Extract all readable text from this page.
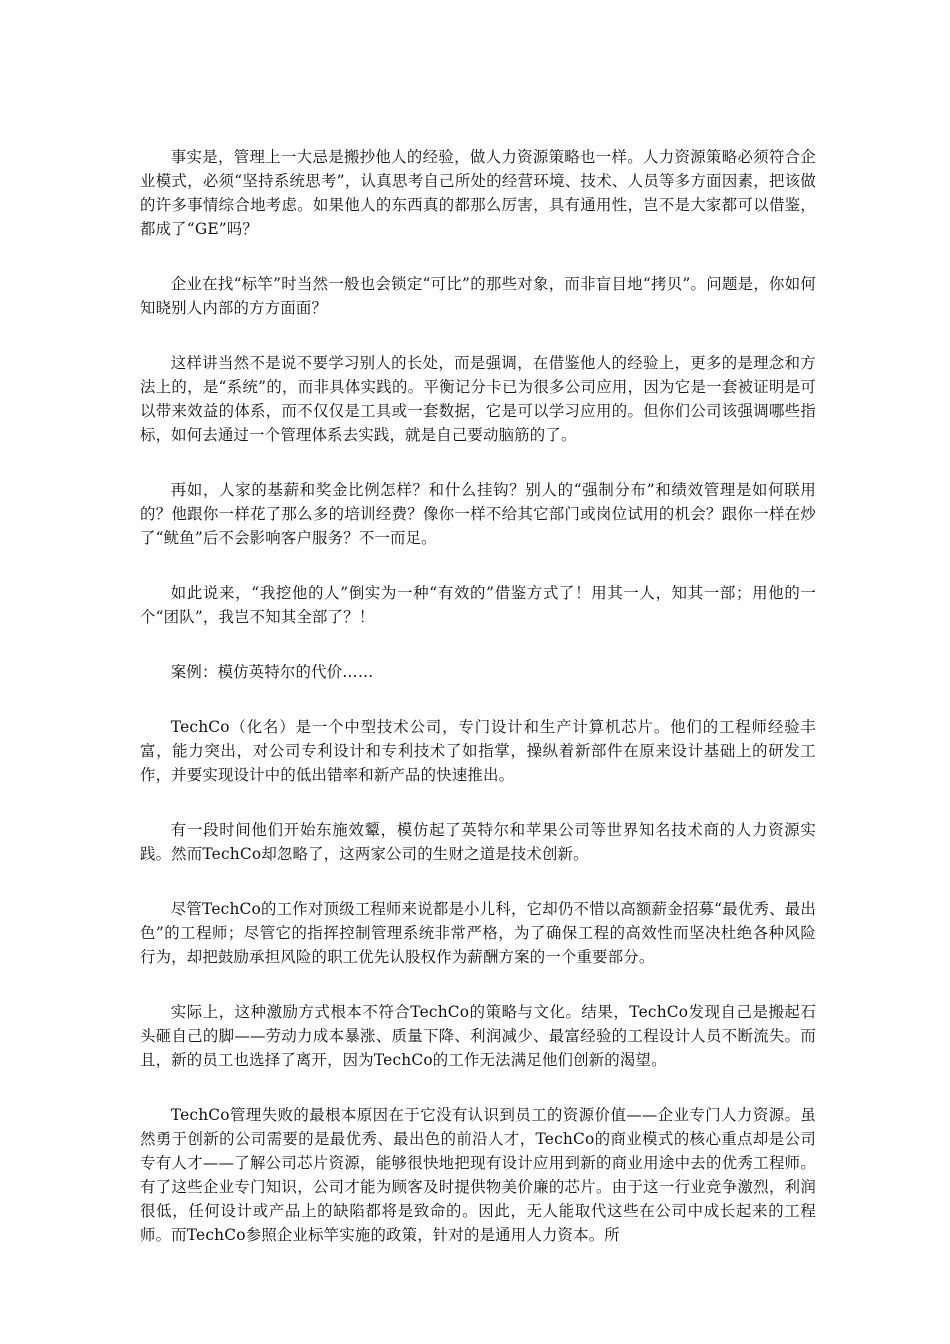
事实是，管理上一大忌是搬抄他人的经验，做人力资源策略也一样。人力资源策略必须符合企业模式，必须“坚持系统思考”，认真思考自己所处的经营环境、技术、人员等多方面因素，把该做的许多事情综合地考虑。如果他人的东西真的都那么厉害，具有通用性，岂不是大家都可以借鉴，都成了“GE”吗？

企业在找“标竿”时当然一般也会锁定“可比”的那些对象，而非盲目地“拷贝”。问题是，你如何知晓别人内部的方方面面？

这样讲当然不是说不要学习别人的长处，而是强调，在借鉴他人的经验上，更多的是理念和方法上的，是“系统”的，而非具体实践的。平衡记分卡已为很多公司应用，因为它是一套被证明是可以带来效益的体系，而不仅仅是工具或一套数据，它是可以学习应用的。但你们公司该强调哪些指标，如何去通过一个管理体系去实践，就是自己要动脑筋的了。

再如，人家的基薪和奖金比例怎样？和什么挂钩？别人的“强制分布”和绩效管理是如何联用的？他跟你一样花了那么多的培训经费？像你一样不给其它部门或岗位试用的机会？跟你一样在炒了“鱿鱼”后不会影响客户服务？不一而足。

如此说来，“我挖他的人”倒实为一种“有效的”借鉴方式了！用其一人，知其一部；用他的一个“团队”，我岂不知其全部了？！

案例：模仿英特尔的代价……

TechCo（化名）是一个中型技术公司，专门设计和生产计算机芯片。他们的工程师经验丰富，能力突出，对公司专利设计和专利技术了如指掌，操纵着新部件在原来设计基础上的研发工作，并要实现设计中的低出错率和新产品的快速推出。

有一段时间他们开始东施效颦，模仿起了英特尔和苹果公司等世界知名技术商的人力资源实践。然而TechCo却忽略了，这两家公司的生财之道是技术创新。

尽管TechCo的工作对顶级工程师来说都是小儿科，它却仍不惜以高额薪金招募“最优秀、最出色”的工程师；尽管它的指挥控制管理系统非常严格，为了确保工程的高效性而坚决杜绝各种风险行为，却把鼓励承担风险的职工优先认股权作为薪酬方案的一个重要部分。

实际上，这种激励方式根本不符合TechCo的策略与文化。结果，TechCo发现自己是搬起石头砸自己的脚——劳动力成本暴涨、质量下降、利润减少、最富经验的工程设计人员不断流失。而且，新的员工也选择了离开，因为TechCo的工作无法满足他们创新的渴望。

TechCo管理失败的最根本原因在于它没有认识到员工的资源价值——企业专门人力资源。虽然勇于创新的公司需要的是最优秀、最出色的前沿人才，TechCo的商业模式的核心重点却是公司专有人才——了解公司芯片资源，能够很快地把现有设计应用到新的商业用途中去的优秀工程师。有了这些企业专门知识，公司才能为顾客及时提供物美价廉的芯片。由于这一行业竞争激烈，利润很低，任何设计或产品上的缺陷都将是致命的。因此，无人能取代这些在公司中成长起来的工程师。而TechCo参照企业标竿实施的政策，针对的是通用人力资本。所
